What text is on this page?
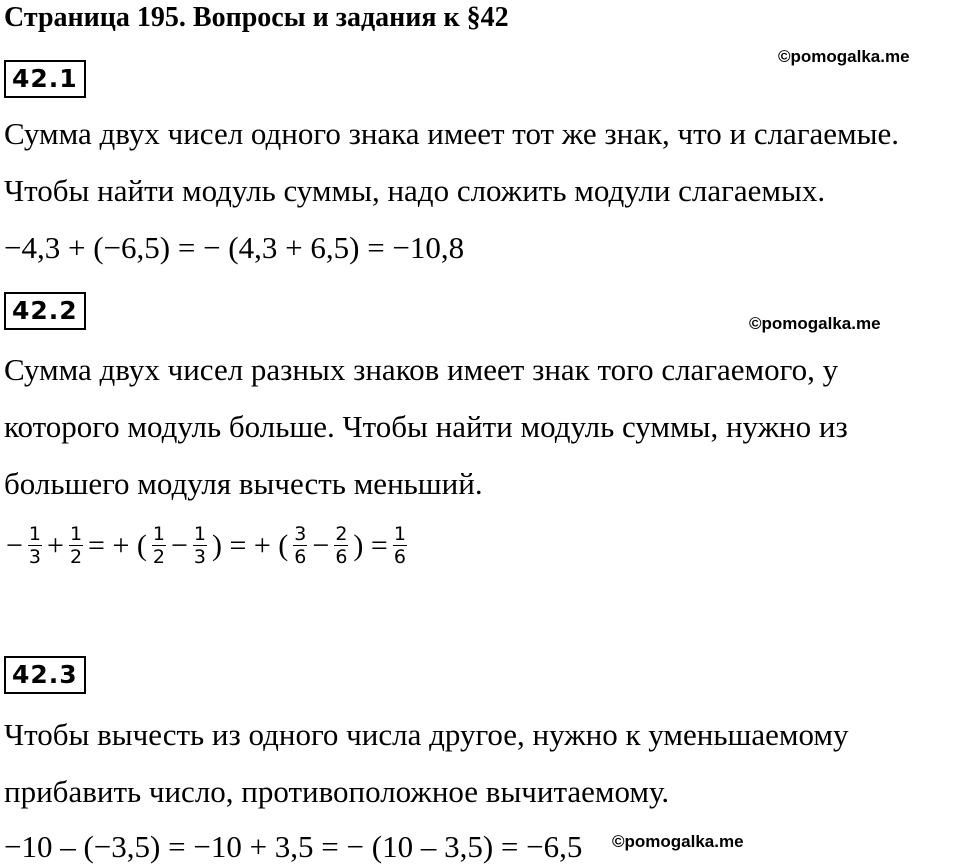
Страница 195. Вопросы и задания к §42
42.1
©pomogalka.me
Сумма двух чисел одного знака имеет тот же знак, что и слагаемые.
Чтобы найти модуль суммы, надо сложить модули слагаемых.
−4,3 + (−6,5) = − (4,3 + 6,5) = −10,8
42.2	©pomogalka.me
Сумма двух чисел разных знаков имеет знак того слагаемого, у
которого модуль больше. Чтобы найти модуль суммы, нужно из
большего модуля вычесть меньший.
− $\frac{1}{3} + \frac{1}{2}$ = + ( $\frac{1}{2} - \frac{1}{3}$ ) = + ( $\frac{3}{6} - \frac{2}{6}$ ) = $\frac{1}{6}$
42.3
Чтобы вычесть из одного числа другое, нужно к уменьшаемому
прибавить число, противоположное вычитаемому.
−10 – (−3,5) = −10 + 3,5 = − (10 – 3,5) = −6,5 ©pomogalka.me
